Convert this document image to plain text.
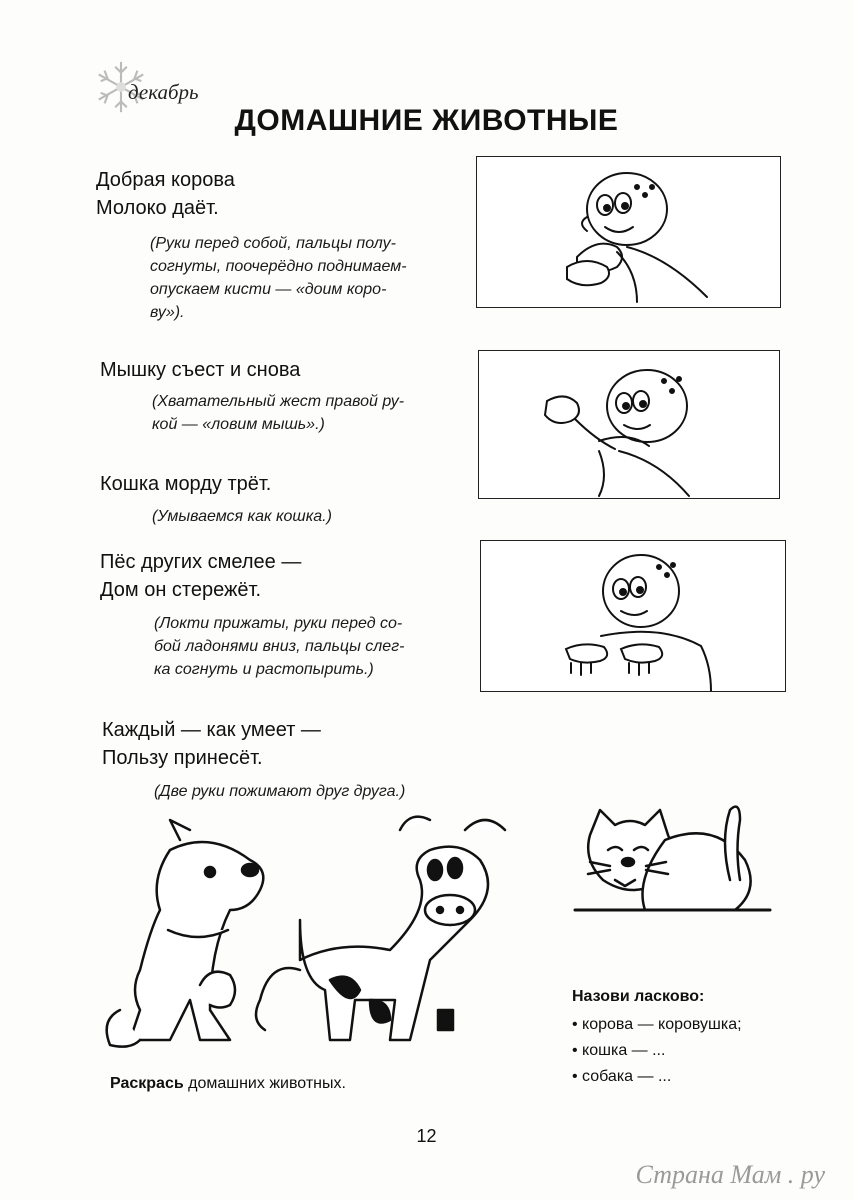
декабрь
ДОМАШНИЕ ЖИВОТНЫЕ
Добрая корова
Молоко даёт.
(Руки перед собой, пальцы полу-
согнуты, поочерёдно поднимаем-
опускаем кисти — «доим коро-
ву»).
Мышку съест и снова
(Хватательный жест правой ру-
кой — «ловим мышь».)
Кошка морду трёт.
(Умываемся как кошка.)
Пёс других смелее —
Дом он стережёт.
(Локти прижаты, руки перед со-
бой ладонями вниз, пальцы слег-
ка согнуть и растопырить.)
Каждый — как умеет —
Пользу принесёт.
(Две руки пожимают друг друга.)
Раскрась домашних животных.
Назови ласково:
• корова — коровушка;
• кошка — ...
• собака — ...
12
Страна Мам . ру
